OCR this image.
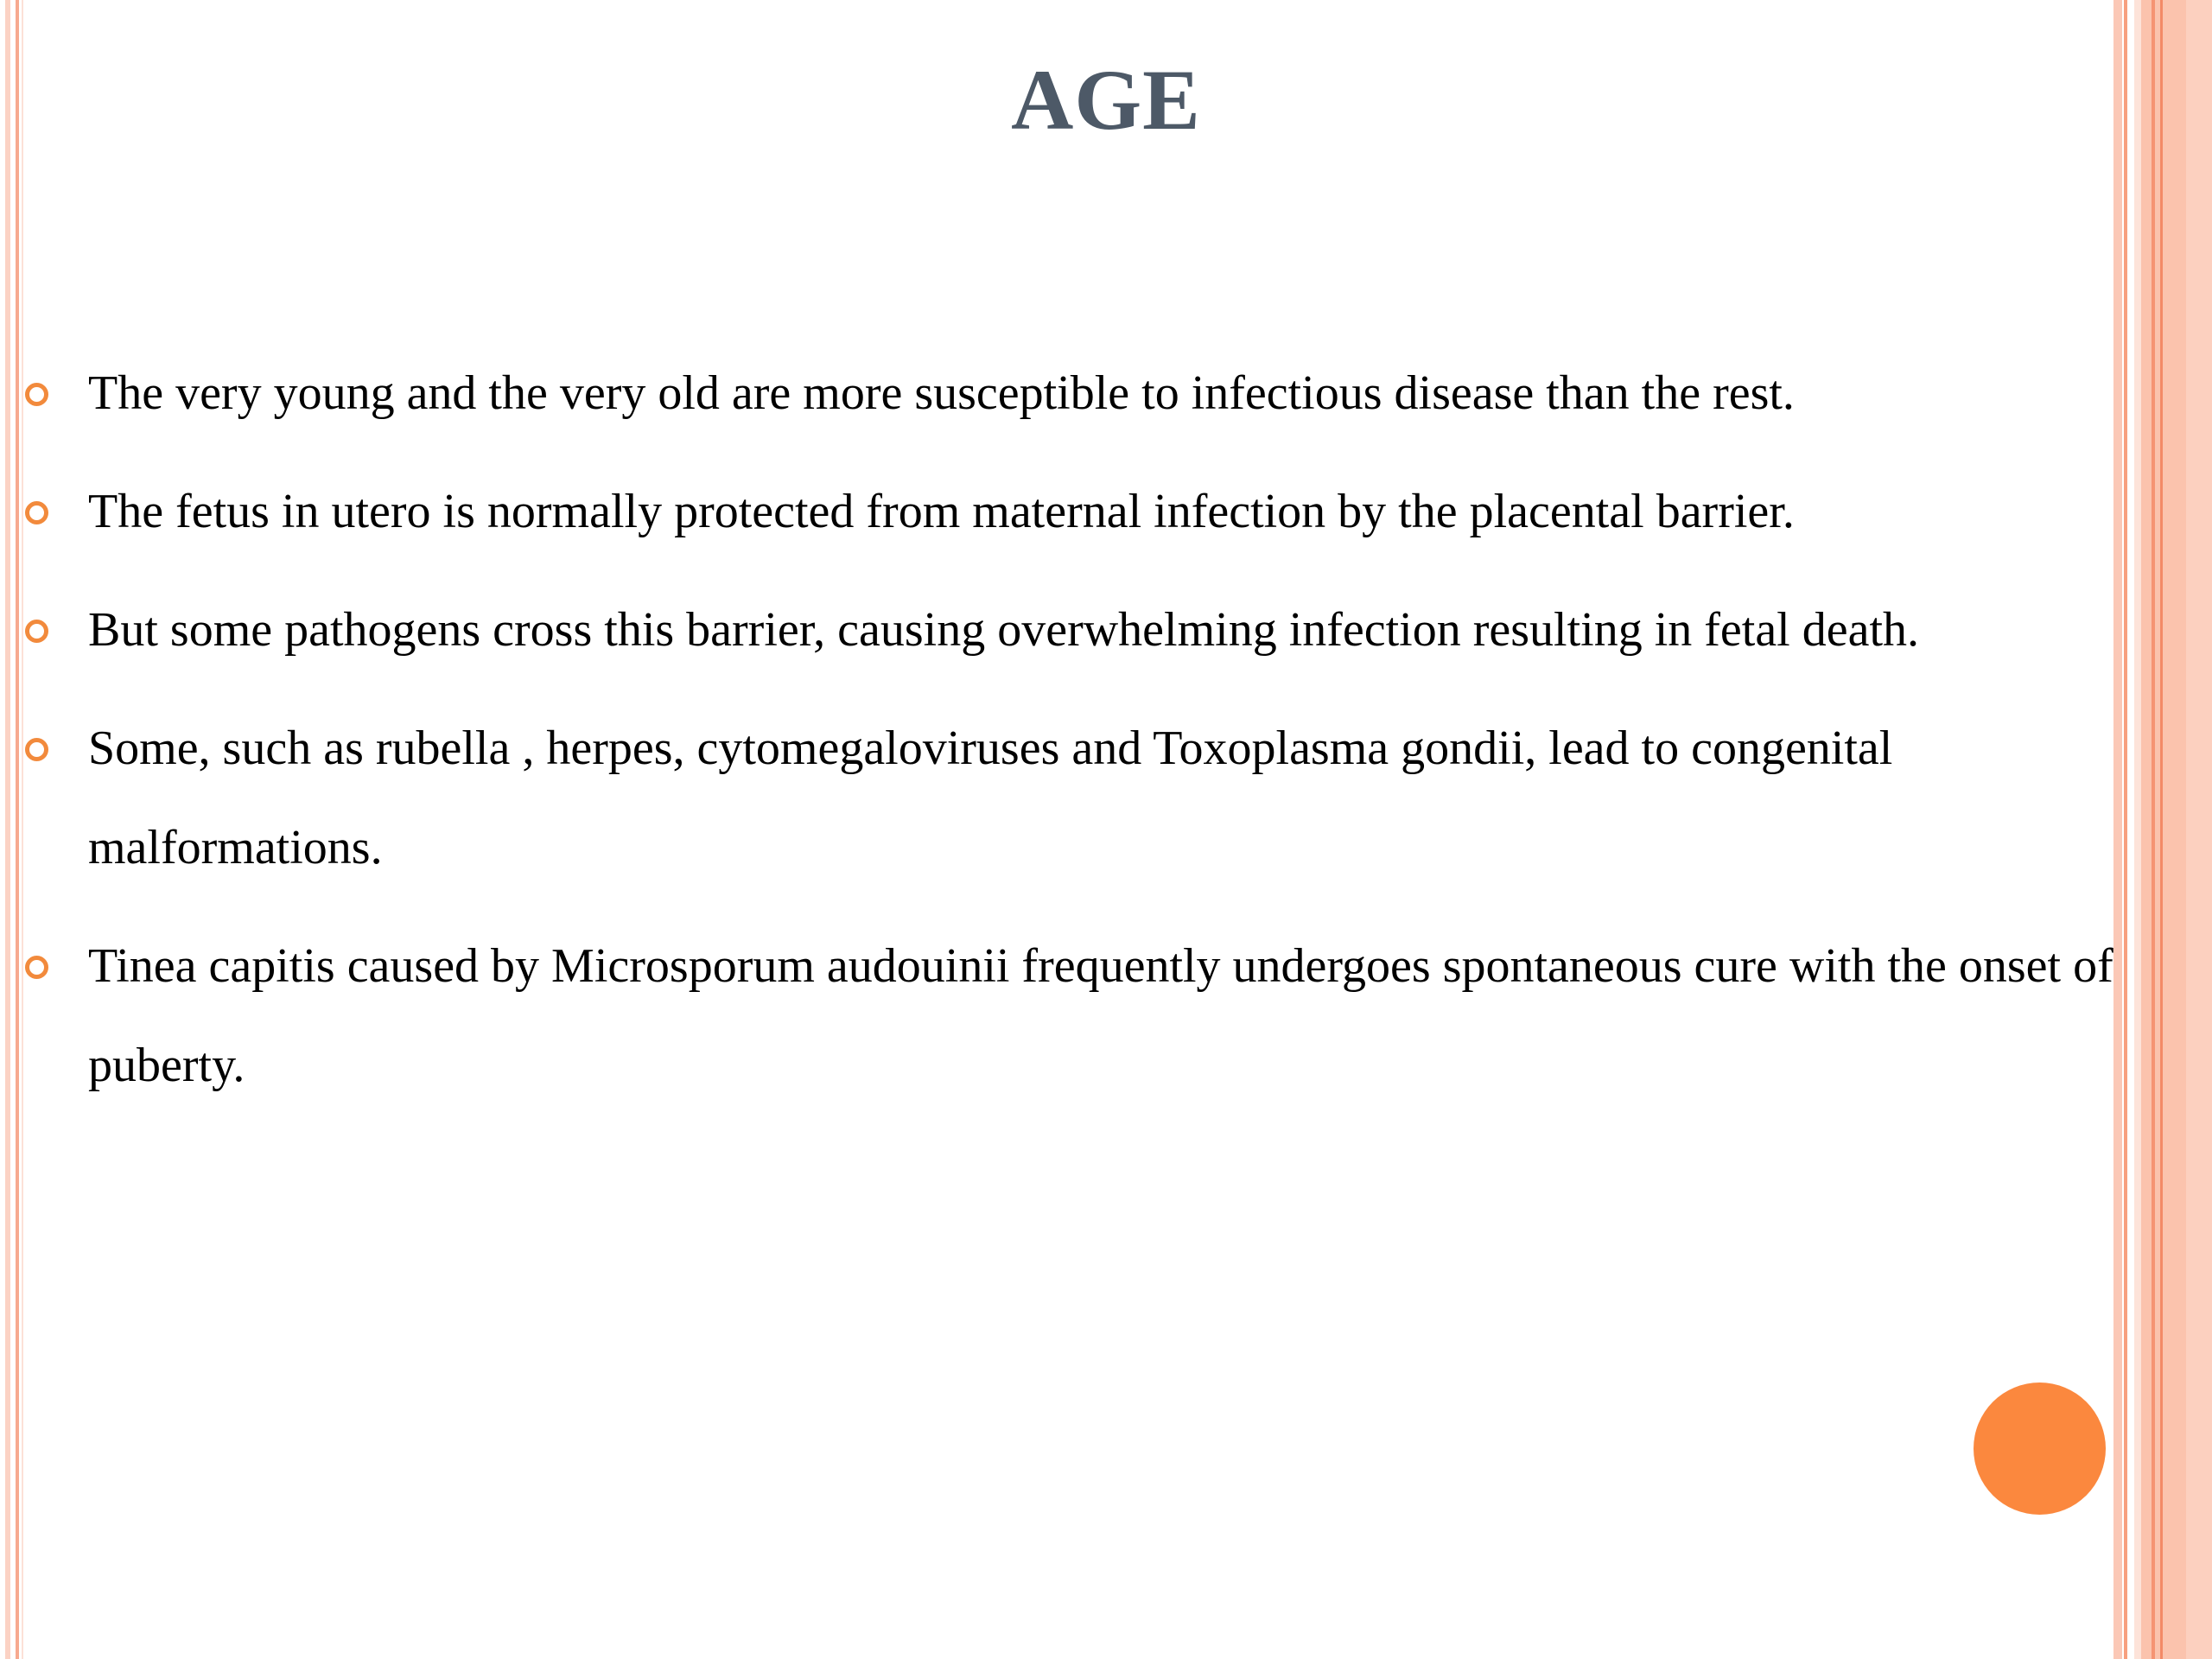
AGE
The very young and the very old are more susceptible to infectious disease than the rest.
The fetus in utero is normally protected from maternal infection by the placental barrier.
But some pathogens cross this barrier, causing overwhelming infection resulting in fetal death.
Some, such as rubella , herpes, cytomegaloviruses and Toxoplasma gondii, lead to congenital malformations.
Tinea capitis caused by Microsporum audouinii frequently undergoes spontaneous cure with the onset of puberty.
